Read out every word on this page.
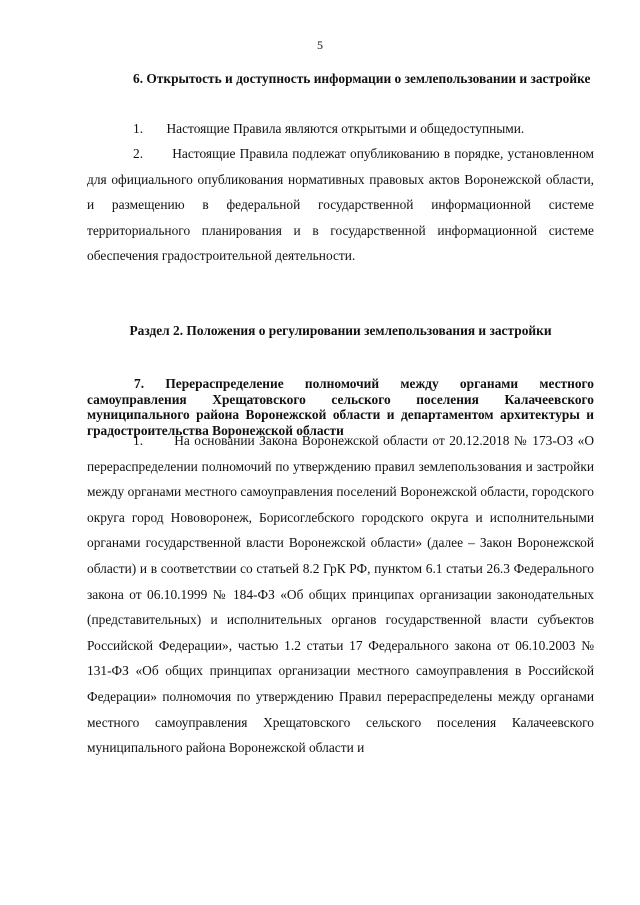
5
6. Открытость и доступность информации о землепользовании и застройке
1.       Настоящие Правила являются открытыми и общедоступными.
2.       Настоящие Правила подлежат опубликованию в порядке, установленном для официального опубликования нормативных правовых актов Воронежской области, и размещению в федеральной государственной информационной системе территориального планирования и в государственной информационной системе обеспечения градостроительной деятельности.
Раздел 2. Положения о регулировании землепользования и застройки
7. Перераспределение полномочий между органами местного самоуправления Хрещатовского сельского поселения Калачеевского муниципального района Воронежской области и департаментом архитектуры и градостроительства Воронежской области
1.       На основании Закона Воронежской области от 20.12.2018 № 173-ОЗ «О перераспределении полномочий по утверждению правил землепользования и застройки между органами местного самоуправления поселений Воронежской области, городского округа город Нововоронеж, Борисоглебского городского округа и исполнительными органами государственной власти Воронежской области» (далее – Закон Воронежской области) и в соответствии со статьей 8.2 ГрК РФ, пунктом 6.1 статьи 26.3 Федерального закона от 06.10.1999 № 184-ФЗ «Об общих принципах организации законодательных (представительных) и исполнительных органов государственной власти субъектов Российской Федерации», частью 1.2 статьи 17 Федерального закона от 06.10.2003 № 131-ФЗ «Об общих принципах организации местного самоуправления в Российской Федерации» полномочия по утверждению Правил перераспределены между органами местного самоуправления Хрещатовского сельского поселения Калачеевского муниципального района Воронежской области и
